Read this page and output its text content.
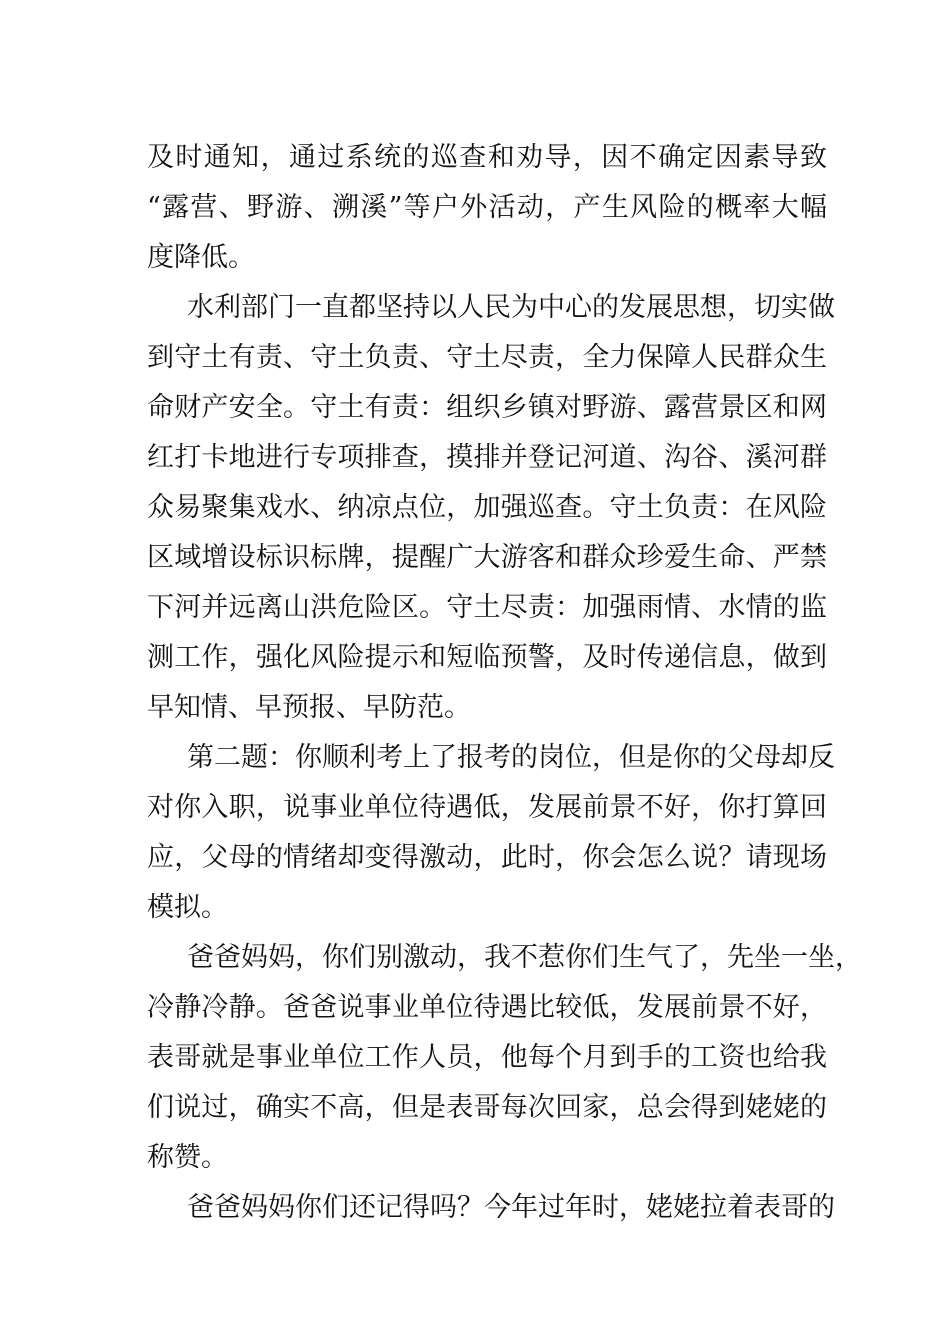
及时通知，通过系统的巡查和劝导，因不确定因素导致
“露营、野游、溯溪”等户外活动，产生风险的概率大幅
度降低。
水利部门一直都坚持以人民为中心的发展思想，切实做
到守土有责、守土负责、守土尽责，全力保障人民群众生
命财产安全。守土有责：组织乡镇对野游、露营景区和网
红打卡地进行专项排查，摸排并登记河道、沟谷、溪河群
众易聚集戏水、纳凉点位，加强巡查。守土负责：在风险
区域增设标识标牌，提醒广大游客和群众珍爱生命、严禁
下河并远离山洪危险区。守土尽责：加强雨情、水情的监
测工作，强化风险提示和短临预警，及时传递信息，做到
早知情、早预报、早防范。
第二题：你顺利考上了报考的岗位，但是你的父母却反
对你入职，说事业单位待遇低，发展前景不好，你打算回
应，父母的情绪却变得激动，此时，你会怎么说？请现场
模拟。
爸爸妈妈，你们别激动，我不惹你们生气了，先坐一坐，
冷静冷静。爸爸说事业单位待遇比较低，发展前景不好，
表哥就是事业单位工作人员，他每个月到手的工资也给我
们说过，确实不高，但是表哥每次回家，总会得到姥姥的
称赞。
爸爸妈妈你们还记得吗？今年过年时，姥姥拉着表哥的
